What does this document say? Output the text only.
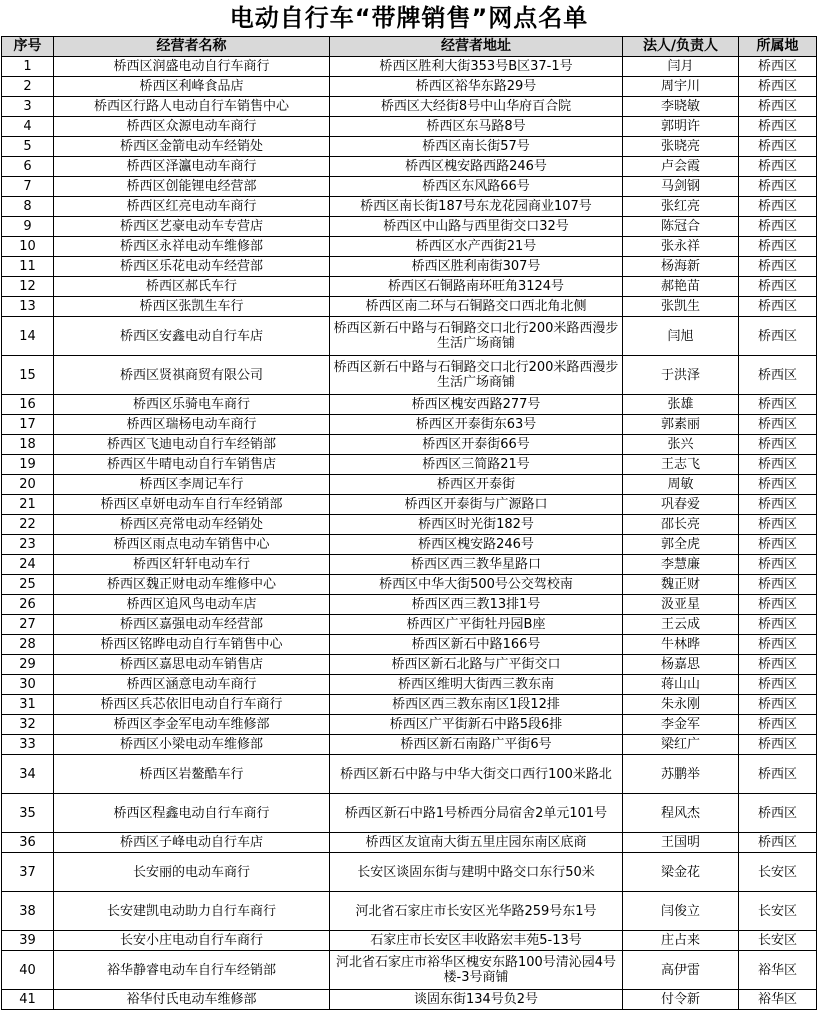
电动自行车“带牌销售”网点名单
序号	经营者名称	经营者地址	法人/负责人	所属地
1	桥西区润盛电动自行车商行	桥西区胜利大街353号B区37-1号	闫月	桥西区
2	桥西区利峰食品店	桥西区裕华东路29号	周宇川	桥西区
3	桥西区行路人电动自行车销售中心	桥西区大经街8号中山华府百合院	李晓敏	桥西区
4	桥西区众源电动车商行	桥西区东马路8号	郭明许	桥西区
5	桥西区金箭电动车经销处	桥西区南长街57号	张晓亮	桥西区
6	桥西区泽瀛电动车商行	桥西区槐安路西路246号	卢会霞	桥西区
7	桥西区创能锂电经营部	桥西区东风路66号	马剑钢	桥西区
8	桥西区红亮电动车商行	桥西区南长街187号东龙花园商业107号	张红亮	桥西区
9	桥西区艺豪电动车专营店	桥西区中山路与西里街交口32号	陈冠合	桥西区
10	桥西区永祥电动车维修部	桥西区水产西街21号	张永祥	桥西区
11	桥西区乐花电动车经营部	桥西区胜利南街307号	杨海新	桥西区
12	桥西区郝氏车行	桥西区石铜路南环旺角3124号	郝艳苗	桥西区
13	桥西区张凯生车行	桥西区南二环与石铜路交口西北角北侧	张凯生	桥西区
14	桥西区安鑫电动自行车店	桥西区新石中路与石铜路交口北行200米路西漫步生活广场商铺	闫旭	桥西区
15	桥西区贤祺商贸有限公司	桥西区新石中路与石铜路交口北行200米路西漫步生活广场商铺	于洪泽	桥西区
16	桥西区乐骑电车商行	桥西区槐安西路277号	张雄	桥西区
17	桥西区瑞杨电动车商行	桥西区开泰街东63号	郭素丽	桥西区
18	桥西区飞迪电动自行车经销部	桥西区开泰街66号	张兴	桥西区
19	桥西区牛晴电动自行车销售店	桥西区三简路21号	王志飞	桥西区
20	桥西区李周记车行	桥西区开泰街	周敏	桥西区
21	桥西区卓妍电动车自行车经销部	桥西区开泰街与广源路口	巩春爱	桥西区
22	桥西区亮常电动车经销处	桥西区时光街182号	邵长亮	桥西区
23	桥西区雨点电动车销售中心	桥西区槐安路246号	郭全虎	桥西区
24	桥西区轩轩电动车行	桥西区西三教华星路口	李慧廉	桥西区
25	桥西区魏正财电动车维修中心	桥西区中华大街500号公交驾校南	魏正财	桥西区
26	桥西区追风鸟电动车店	桥西区西三教13排1号	汲亚星	桥西区
27	桥西区嘉强电动车经营部	桥西区广平街牡丹园B座	王云成	桥西区
28	桥西区铭晔电动自行车销售中心	桥西区新石中路166号	牛林晔	桥西区
29	桥西区嘉思电动车销售店	桥西区新石北路与广平街交口	杨嘉思	桥西区
30	桥西区涵意电动车商行	桥西区维明大街西三教东南	蒋山山	桥西区
31	桥西区兵芯依旧电动自行车商行	桥西区西三教东南区1段12排	朱永刚	桥西区
32	桥西区李金军电动车维修部	桥西区广平街新石中路5段6排	李金军	桥西区
33	桥西区小梁电动车维修部	桥西区新石南路广平街6号	梁红广	桥西区
34	桥西区岩鳌酷车行	桥西区新石中路与中华大街交口西行100米路北	苏鹏举	桥西区
35	桥西区程鑫电动自行车商行	桥西区新石中路1号桥西分局宿舍2单元101号	程风杰	桥西区
36	桥西区子峰电动自行车店	桥西区友谊南大街五里庄园东南区底商	王国明	桥西区
37	长安丽的电动车商行	长安区谈固东街与建明中路交口东行50米	梁金花	长安区
38	长安建凯电动助力自行车商行	河北省石家庄市长安区光华路259号东1号	闫俊立	长安区
39	长安小庄电动自行车商行	石家庄市长安区丰收路宏丰苑5-13号	庄占来	长安区
40	裕华静睿电动车自行车经销部	河北省石家庄市裕华区槐安东路100号清沁园4号楼-3号商铺	高伊雷	裕华区
41	裕华付氏电动车维修部	谈固东街134号负2号	付令新	裕华区
